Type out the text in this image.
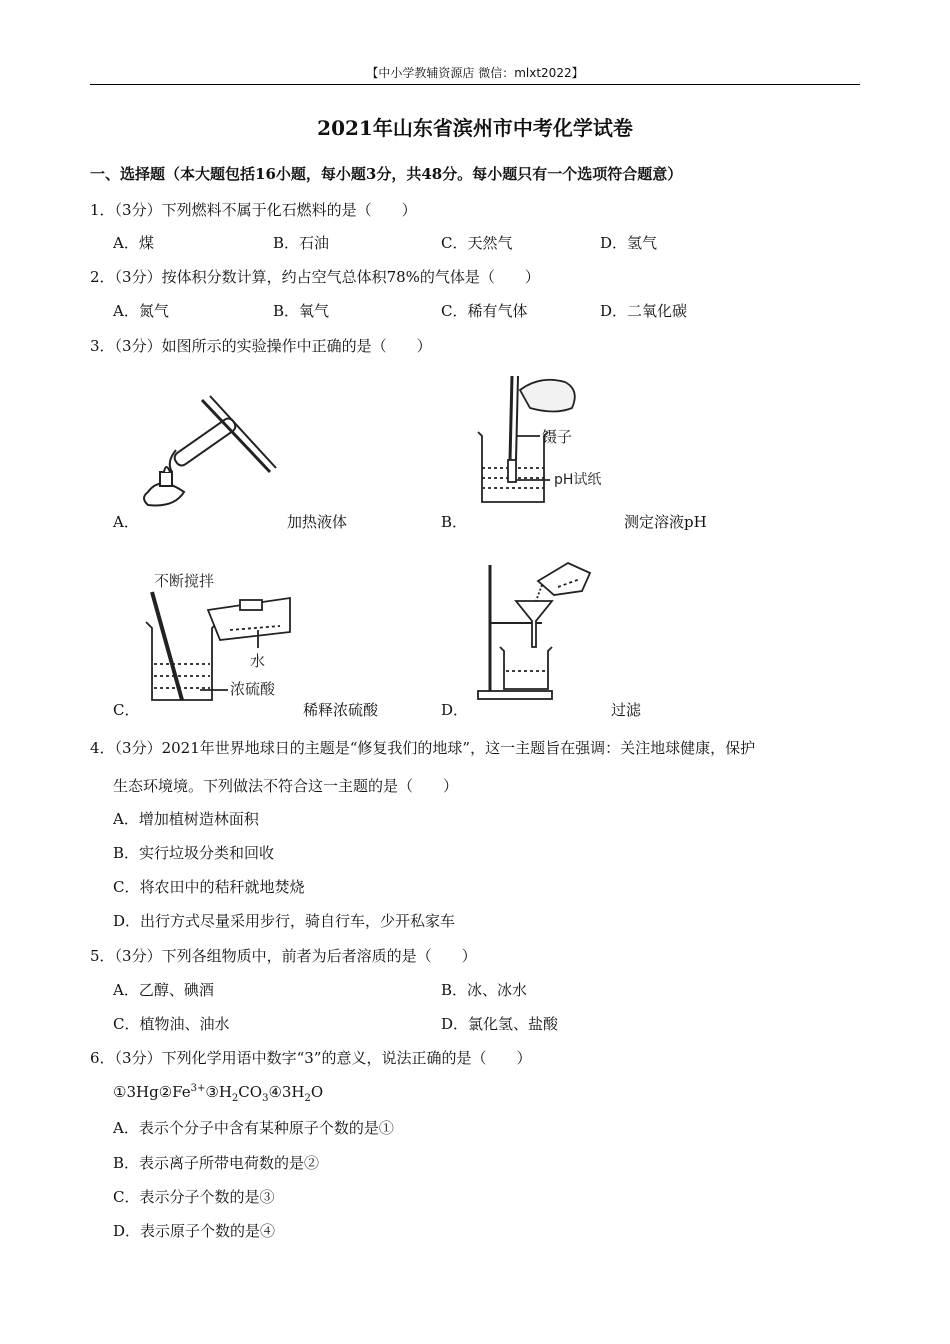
【中小学教辅资源店 微信：mlxt2022】
2021年山东省滨州市中考化学试卷
一、选择题（本大题包括16小题，每小题3分，共48分。每小题只有一个选项符合题意）
1．（3分）下列燃料不属于化石燃料的是（　　）
A．煤	B．石油	C．天然气	D．氢气
2．（3分）按体积分数计算，约占空气总体积78%的气体是（　　）
A．氮气	B．氧气	C．稀有气体	D．二氧化碳
3．（3分）如图所示的实验操作中正确的是（　　）
A．	加热液体
镊子
pH试纸
B．	测定溶液pH
不断搅拌
水
浓硫酸
C．	稀释浓硫酸	D．	过滤
4．（3分）2021年世界地球日的主题是“修复我们的地球”，这一主题旨在强调：关注地球健康，保护
生态环境境。下列做法不符合这一主题的是（　　）
A．增加植树造林面积
B．实行垃圾分类和回收
C．将农田中的秸秆就地焚烧
D．出行方式尽量采用步行，骑自行车，少开私家车
5．（3分）下列各组物质中，前者为后者溶质的是（　　）
A．乙醇、碘酒	B．冰、冰水
C．植物油、油水	D．氯化氢、盐酸
6．（3分）下列化学用语中数字“3”的意义，说法正确的是（　　）
$①3Hg②Fe^{3+}③H_2CO_3④3H_2O$
A．表示个分子中含有某种原子个数的是①
B．表示离子所带电荷数的是②
C．表示分子个数的是③
D．表示原子个数的是④
